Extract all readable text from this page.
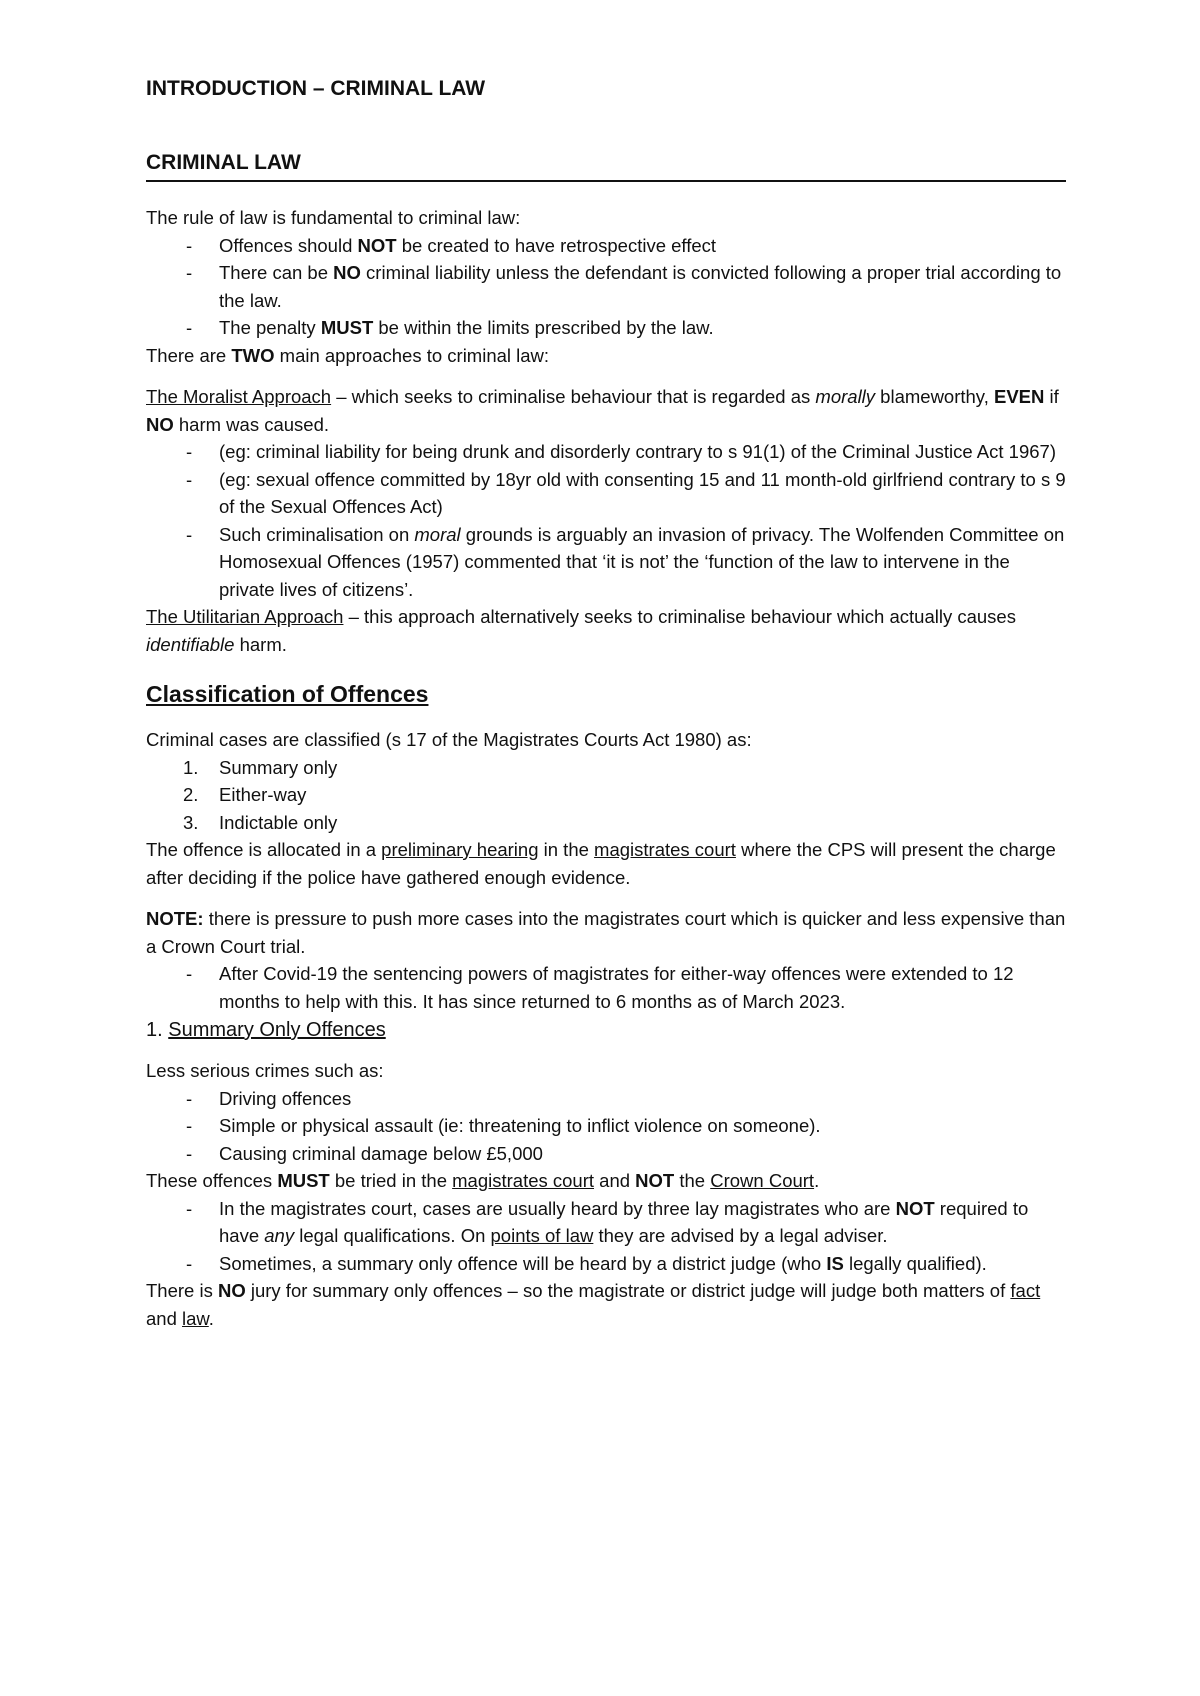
INTRODUCTION – CRIMINAL LAW
CRIMINAL LAW

The rule of law is fundamental to criminal law:

- Offences should NOT be created to have retrospective effect
- There can be NO criminal liability unless the defendant is convicted following a proper trial according to the law.
- The penalty MUST be within the limits prescribed by the law.

There are TWO main approaches to criminal law:

The Moralist Approach – which seeks to criminalise behaviour that is regarded as morally blameworthy, EVEN if NO harm was caused.

- (eg: criminal liability for being drunk and disorderly contrary to s 91(1) of the Criminal Justice Act 1967)
- (eg: sexual offence committed by 18yr old with consenting 15 and 11 month-old girlfriend contrary to s 9 of the Sexual Offences Act)
- Such criminalisation on moral grounds is arguably an invasion of privacy. The Wolfenden Committee on Homosexual Offences (1957) commented that ‘it is not’ the ‘function of the law to intervene in the private lives of citizens’.

The Utilitarian Approach – this approach alternatively seeks to criminalise behaviour which actually causes identifiable harm.

Classification of Offences

Criminal cases are classified (s 17 of the Magistrates Courts Act 1980) as:

1. Summary only
2. Either-way
3. Indictable only

The offence is allocated in a preliminary hearing in the magistrates court where the CPS will present the charge after deciding if the police have gathered enough evidence.

NOTE: there is pressure to push more cases into the magistrates court which is quicker and less expensive than a Crown Court trial.

- After Covid-19 the sentencing powers of magistrates for either-way offences were extended to 12 months to help with this. It has since returned to 6 months as of March 2023.
1. Summary Only Offences

Less serious crimes such as:

- Driving offences
- Simple or physical assault (ie: threatening to inflict violence on someone).
- Causing criminal damage below £5,000

These offences MUST be tried in the magistrates court and NOT the Crown Court.

- In the magistrates court, cases are usually heard by three lay magistrates who are NOT required to have any legal qualifications. On points of law they are advised by a legal adviser.
- Sometimes, a summary only offence will be heard by a district judge (who IS legally qualified).

There is NO jury for summary only offences – so the magistrate or district judge will judge both matters of fact and law.
